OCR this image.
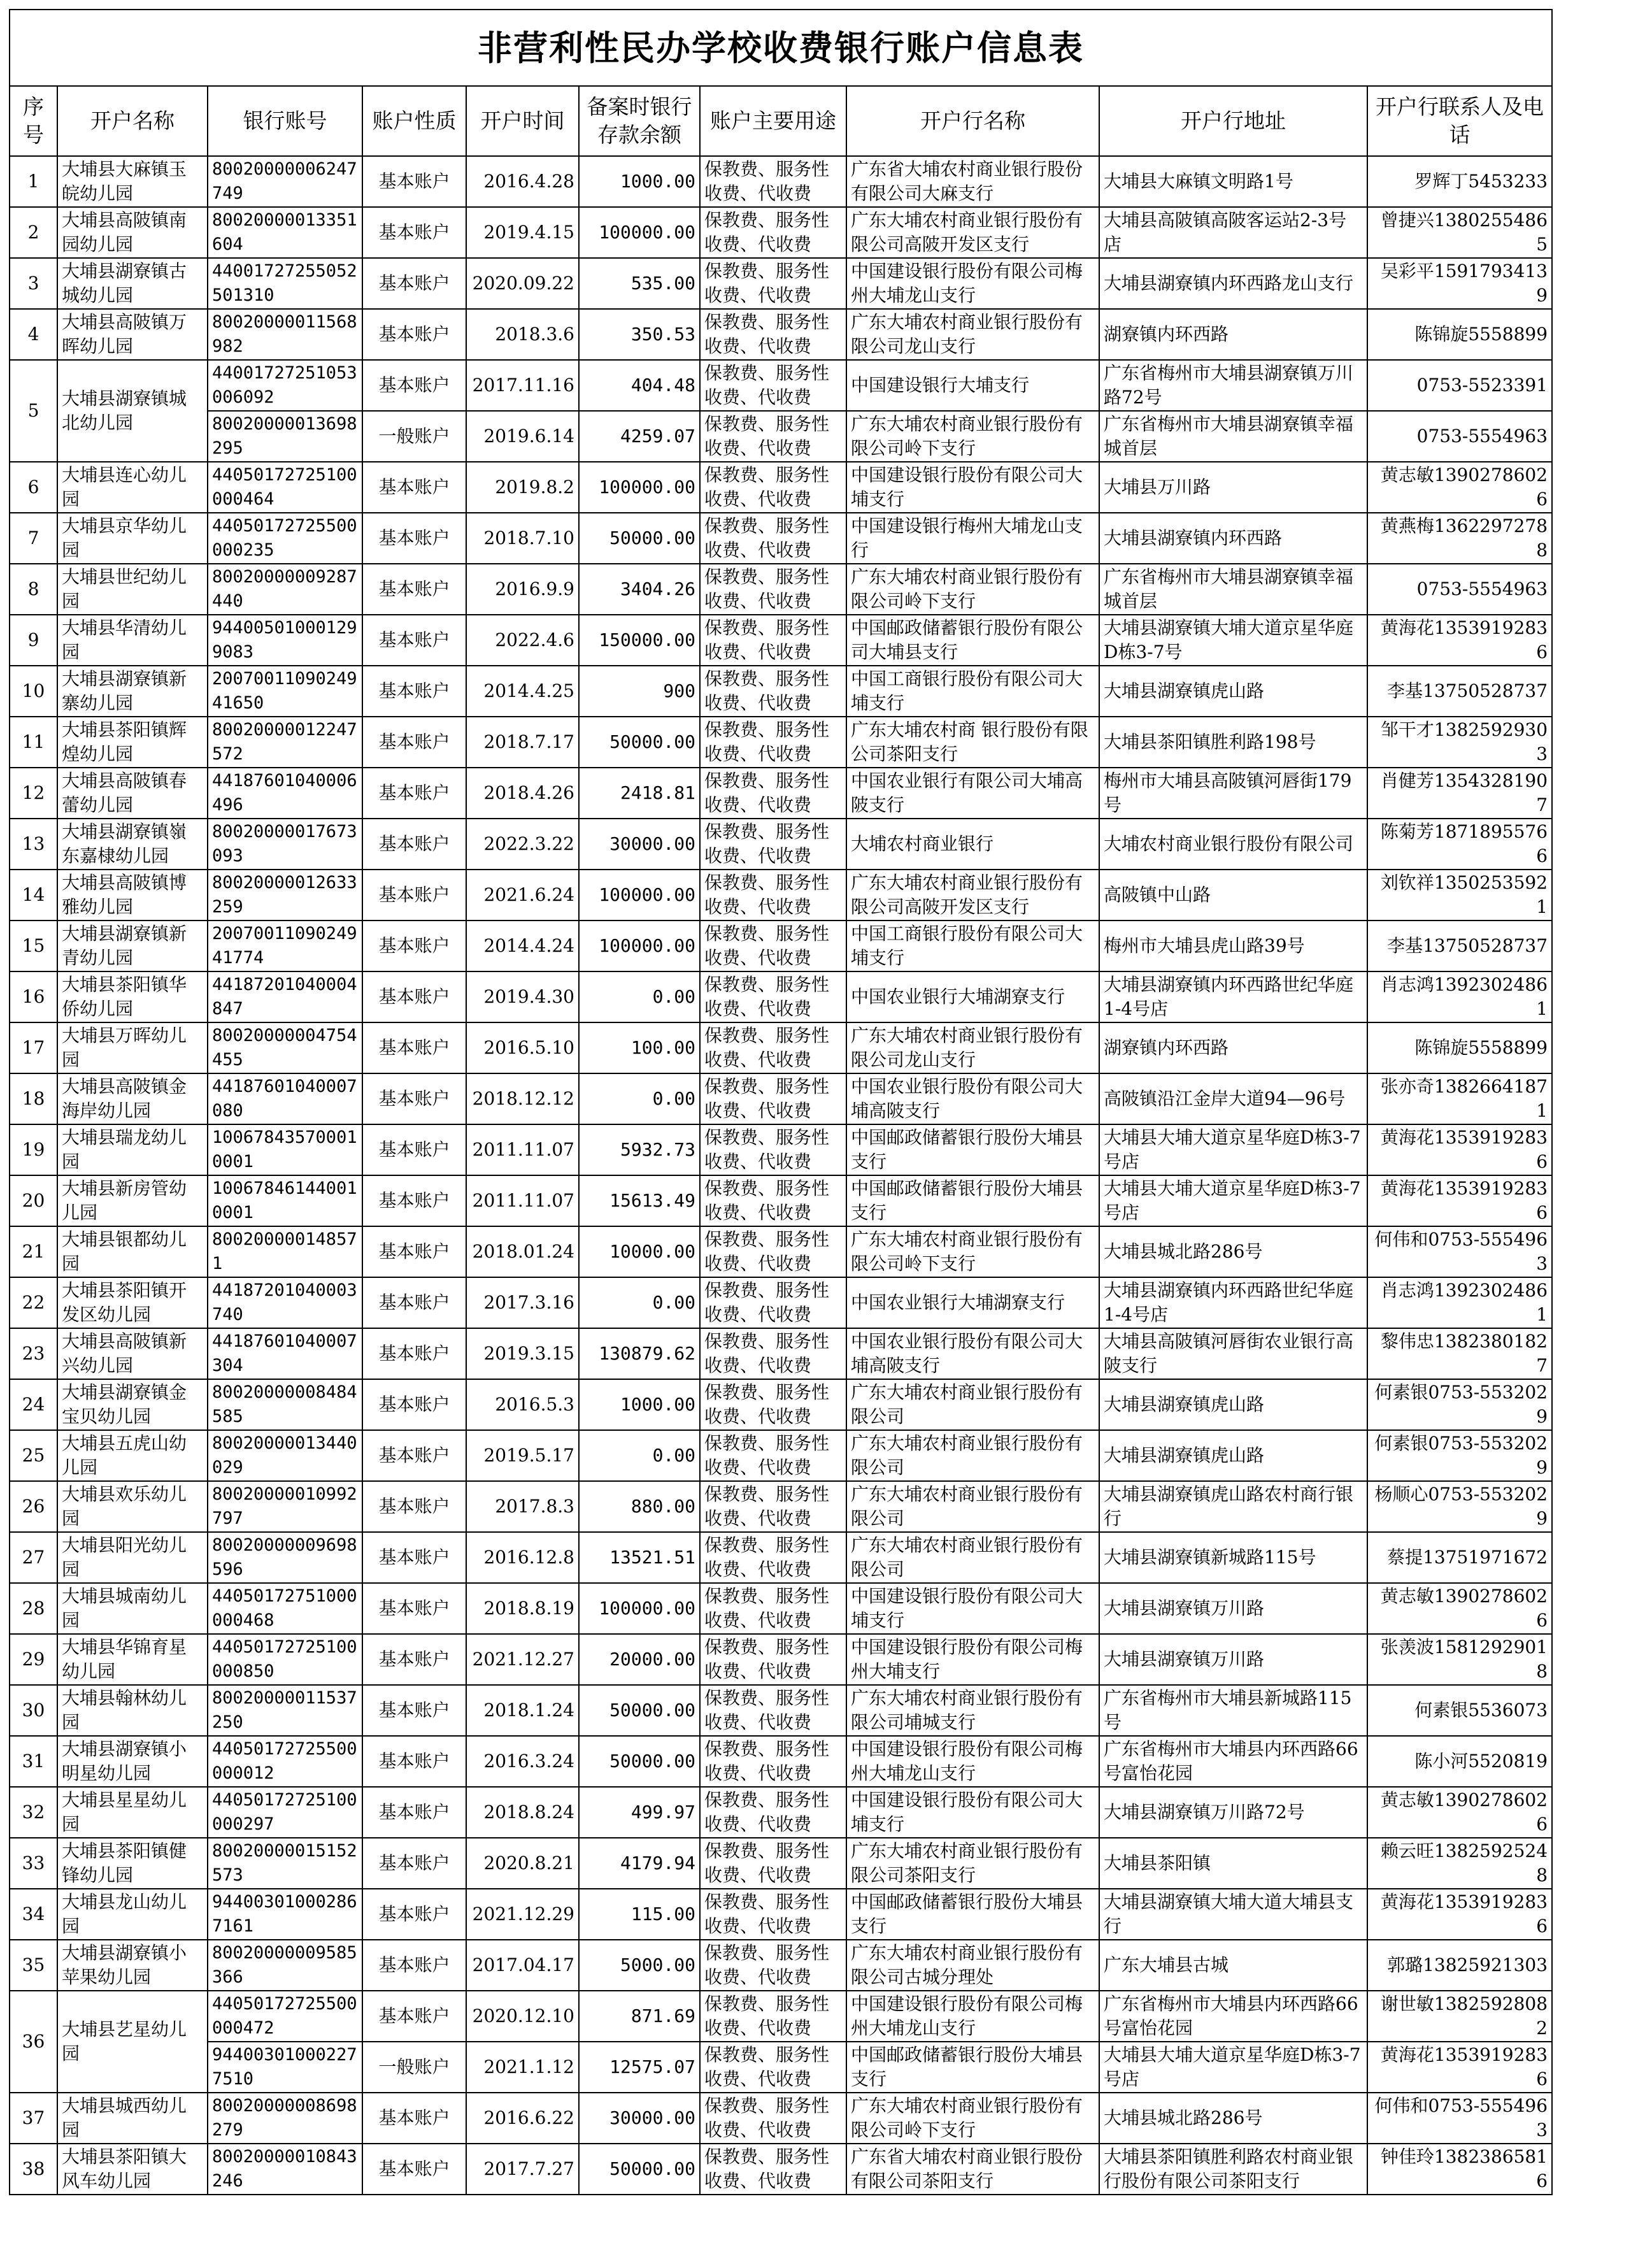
非营利性民办学校收费银行账户信息表									
序号	开户名称	银行账号	账户性质	开户时间	备案时银行存款余额	账户主要用途	开户行名称	开户行地址	开户行联系人及电话
1	大埔县大麻镇玉皖幼儿园	80020000006247749	基本账户	2016.4.28	1000.00	保教费、服务性收费、代收费	广东省大埔农村商业银行股份有限公司大麻支行	大埔县大麻镇文明路1号	罗辉丁5453233
2	大埔县高陂镇南园幼儿园	80020000013351604	基本账户	2019.4.15	100000.00	保教费、服务性收费、代收费	广东大埔农村商业银行股份有限公司高陂开发区支行	大埔县高陂镇高陂客运站2-3号店	曾捷兴13802554865
3	大埔县湖寮镇古城幼儿园	44001727255052501310	基本账户	2020.09.22	535.00	保教费、服务性收费、代收费	中国建设银行股份有限公司梅州大埔龙山支行	大埔县湖寮镇内环西路龙山支行	吴彩平15917934139
4	大埔县高陂镇万晖幼儿园	80020000011568982	基本账户	2018.3.6	350.53	保教费、服务性收费、代收费	广东大埔农村商业银行股份有限公司龙山支行	湖寮镇内环西路	陈锦旋5558899
5	大埔县湖寮镇城北幼儿园	44001727251053006092	基本账户	2017.11.16	404.48	保教费、服务性收费、代收费	中国建设银行大埔支行	广东省梅州市大埔县湖寮镇万川路72号	0753-5523391
		80020000013698295	一般账户	2019.6.14	4259.07	保教费、服务性收费、代收费	广东大埔农村商业银行股份有限公司岭下支行	广东省梅州市大埔县湖寮镇幸福城首层	0753-5554963
6	大埔县连心幼儿园	44050172725100000464	基本账户	2019.8.2	100000.00	保教费、服务性收费、代收费	中国建设银行股份有限公司大埔支行	大埔县万川路	黄志敏13902786026
7	大埔县京华幼儿园	44050172725500000235	基本账户	2018.7.10	50000.00	保教费、服务性收费、代收费	中国建设银行梅州大埔龙山支行	大埔县湖寮镇内环西路	黄燕梅13622972788
8	大埔县世纪幼儿园	80020000009287440	基本账户	2016.9.9	3404.26	保教费、服务性收费、代收费	广东大埔农村商业银行股份有限公司岭下支行	广东省梅州市大埔县湖寮镇幸福城首层	0753-5554963
9	大埔县华清幼儿园	944005010001299083	基本账户	2022.4.6	150000.00	保教费、服务性收费、代收费	中国邮政储蓄银行股份有限公司大埔县支行	大埔县湖寮镇大埔大道京星华庭D栋3-7号	黄海花13539192836
10	大埔县湖寮镇新寨幼儿园	2007001109024941650	基本账户	2014.4.25	900	保教费、服务性收费、代收费	中国工商银行股份有限公司大埔支行	大埔县湖寮镇虎山路	李基13750528737
11	大埔县茶阳镇辉煌幼儿园	80020000012247572	基本账户	2018.7.17	50000.00	保教费、服务性收费、代收费	广东大埔农村商 银行股份有限公司茶阳支行	大埔县茶阳镇胜利路198号	邹干才13825929303
12	大埔县高陂镇春蕾幼儿园	44187601040006496	基本账户	2018.4.26	2418.81	保教费、服务性收费、代收费	中国农业银行有限公司大埔高陂支行	梅州市大埔县高陂镇河唇街179号	肖健芳13543281907
13	大埔县湖寮镇嶺东嘉棣幼儿园	80020000017673093	基本账户	2022.3.22	30000.00	保教费、服务性收费、代收费	大埔农村商业银行	大埔农村商业银行股份有限公司	陈菊芳18718955766
14	大埔县高陂镇博雅幼儿园	80020000012633259	基本账户	2021.6.24	100000.00	保教费、服务性收费、代收费	广东大埔农村商业银行股份有限公司高陂开发区支行	高陂镇中山路	刘钦祥13502535921
15	大埔县湖寮镇新青幼儿园	2007001109024941774	基本账户	2014.4.24	100000.00	保教费、服务性收费、代收费	中国工商银行股份有限公司大埔支行	梅州市大埔县虎山路39号	李基13750528737
16	大埔县茶阳镇华侨幼儿园	44187201040004847	基本账户	2019.4.30	0.00	保教费、服务性收费、代收费	中国农业银行大埔湖寮支行	大埔县湖寮镇内环西路世纪华庭1-4号店	肖志鸿13923024861
17	大埔县万晖幼儿园	80020000004754455	基本账户	2016.5.10	100.00	保教费、服务性收费、代收费	广东大埔农村商业银行股份有限公司龙山支行	湖寮镇内环西路	陈锦旋5558899
18	大埔县高陂镇金海岸幼儿园	44187601040007080	基本账户	2018.12.12	0.00	保教费、服务性收费、代收费	中国农业银行股份有限公司大埔高陂支行	高陂镇沿江金岸大道94—96号	张亦奇13826641871
19	大埔县瑞龙幼儿园	100678435700010001	基本账户	2011.11.07	5932.73	保教费、服务性收费、代收费	中国邮政储蓄银行股份大埔县支行	大埔县大埔大道京星华庭D栋3-7号店	黄海花13539192836
20	大埔县新房管幼儿园	100678461440010001	基本账户	2011.11.07	15613.49	保教费、服务性收费、代收费	中国邮政储蓄银行股份大埔县支行	大埔县大埔大道京星华庭D栋3-7号店	黄海花13539192836
21	大埔县银都幼儿园	800200000148571	基本账户	2018.01.24	10000.00	保教费、服务性收费、代收费	广东大埔农村商业银行股份有限公司岭下支行	大埔县城北路286号	何伟和0753-5554963
22	大埔县茶阳镇开发区幼儿园	44187201040003740	基本账户	2017.3.16	0.00	保教费、服务性收费、代收费	中国农业银行大埔湖寮支行	大埔县湖寮镇内环西路世纪华庭1-4号店	肖志鸿13923024861
23	大埔县高陂镇新兴幼儿园	44187601040007304	基本账户	2019.3.15	130879.62	保教费、服务性收费、代收费	中国农业银行股份有限公司大埔高陂支行	大埔县高陂镇河唇街农业银行高陂支行	黎伟忠13823801827
24	大埔县湖寮镇金宝贝幼儿园	80020000008484585	基本账户	2016.5.3	1000.00	保教费、服务性收费、代收费	广东大埔农村商业银行股份有限公司	大埔县湖寮镇虎山路	何素银0753-5532029
25	大埔县五虎山幼儿园	80020000013440029	基本账户	2019.5.17	0.00	保教费、服务性收费、代收费	广东大埔农村商业银行股份有限公司	大埔县湖寮镇虎山路	何素银0753-5532029
26	大埔县欢乐幼儿园	80020000010992797	基本账户	2017.8.3	880.00	保教费、服务性收费、代收费	广东大埔农村商业银行股份有限公司	大埔县湖寮镇虎山路农村商行银行	杨顺心0753-5532029
27	大埔县阳光幼儿园	80020000009698596	基本账户	2016.12.8	13521.51	保教费、服务性收费、代收费	广东大埔农村商业银行股份有限公司	大埔县湖寮镇新城路115号	蔡提13751971672
28	大埔县城南幼儿园	44050172751000000468	基本账户	2018.8.19	100000.00	保教费、服务性收费、代收费	中国建设银行股份有限公司大埔支行	大埔县湖寮镇万川路	黄志敏13902786026
29	大埔县华锦育星幼儿园	44050172725100000850	基本账户	2021.12.27	20000.00	保教费、服务性收费、代收费	中国建设银行股份有限公司梅州大埔支行	大埔县湖寮镇万川路	张羡波15812929018
30	大埔县翰林幼儿园	80020000011537250	基本账户	2018.1.24	50000.00	保教费、服务性收费、代收费	广东大埔农村商业银行股份有限公司埔城支行	广东省梅州市大埔县新城路115号	何素银5536073
31	大埔县湖寮镇小明星幼儿园	44050172725500000012	基本账户	2016.3.24	50000.00	保教费、服务性收费、代收费	中国建设银行股份有限公司梅州大埔龙山支行	广东省梅州市大埔县内环西路66号富怡花园	陈小河5520819
32	大埔县星星幼儿园	44050172725100000297	基本账户	2018.8.24	499.97	保教费、服务性收费、代收费	中国建设银行股份有限公司大埔支行	大埔县湖寮镇万川路72号	黄志敏13902786026
33	大埔县茶阳镇健锋幼儿园	80020000015152573	基本账户	2020.8.21	4179.94	保教费、服务性收费、代收费	广东大埔农村商业银行股份有限公司茶阳支行	大埔县茶阳镇	赖云旺13825925248
34	大埔县龙山幼儿园	944003010002867161	基本账户	2021.12.29	115.00	保教费、服务性收费、代收费	中国邮政储蓄银行股份大埔县支行	大埔县湖寮镇大埔大道大埔县支行	黄海花13539192836
35	大埔县湖寮镇小苹果幼儿园	80020000009585366	基本账户	2017.04.17	5000.00	保教费、服务性收费、代收费	广东大埔农村商业银行股份有限公司古城分理处	广东大埔县古城	郭璐13825921303
36	大埔县艺星幼儿园	44050172725500000472	基本账户	2020.12.10	871.69	保教费、服务性收费、代收费	中国建设银行股份有限公司梅州大埔龙山支行	广东省梅州市大埔县内环西路66号富怡花园	谢世敏13825928082
		944003010002277510	一般账户	2021.1.12	12575.07	保教费、服务性收费、代收费	中国邮政储蓄银行股份大埔县支行	大埔县大埔大道京星华庭D栋3-7号店	黄海花13539192836
37	大埔县城西幼儿园	80020000008698279	基本账户	2016.6.22	30000.00	保教费、服务性收费、代收费	广东大埔农村商业银行股份有限公司岭下支行	大埔县城北路286号	何伟和0753-5554963
38	大埔县茶阳镇大风车幼儿园	80020000010843246	基本账户	2017.7.27	50000.00	保教费、服务性收费、代收费	广东省大埔农村商业银行股份有限公司茶阳支行	大埔县茶阳镇胜利路农村商业银行股份有限公司茶阳支行	钟佳玲13823865816
